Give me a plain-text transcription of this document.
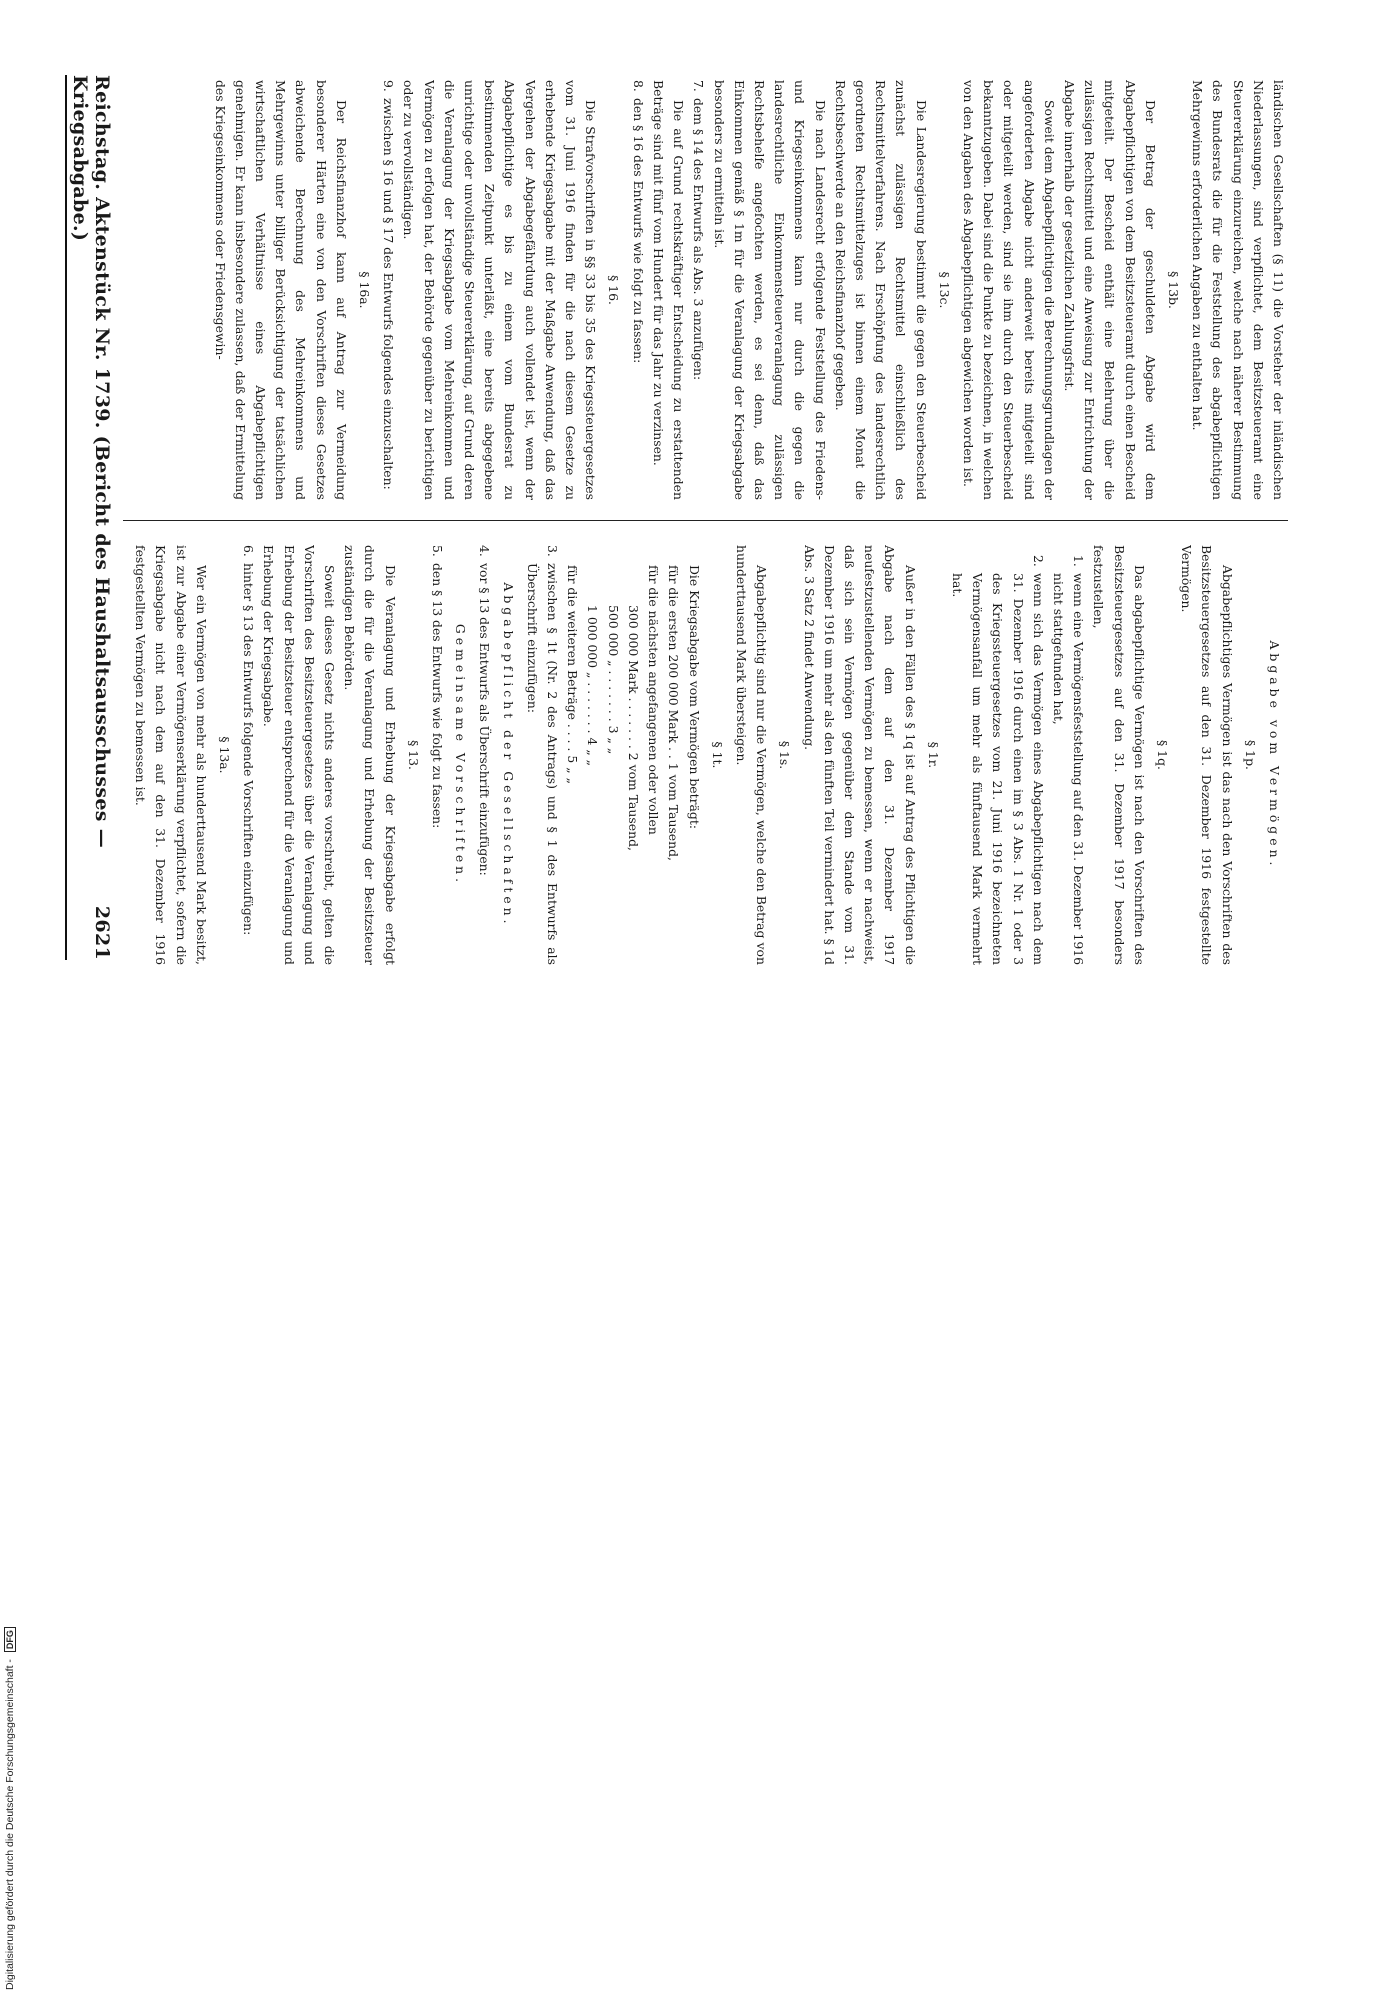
Reichstag. Aktenstück Nr. 1739. (Bericht des Haushaltsausschusses — Kriegsabgabe.)
2621
Abgabe vom Vermögen.
§ 1p.

Abgabepflichtiges Vermögen ist das nach den Vorschriften des Besitzsteuergesetzes auf den 31. Dezember 1916 festgestellte Vermögen.

§ 1q.

Das abgabepflichtige Vermögen ist nach den Vorschriften des Besitzsteuergesetzes auf den 31. Dezember 1917 besonders festzustellen,

1.wenn eine Vermögensfeststellung auf den 31. Dezember 1916 nicht stattgefunden hat,

2.wenn sich das Vermögen eines Abgabepflichtigen nach dem 31. Dezember 1916 durch einen im § 3 Abs. 1 Nr. 1 oder 3 des Kriegssteuergesetzes vom 21. Juni 1916 bezeichneten Vermögensanfall um mehr als fünftausend Mark vermehrt hat.

§ 1r.

Außer in den Fällen des § 1q ist auf Antrag des Pflichtigen die Abgabe nach dem auf den 31. Dezember 1917 neufestzustellenden Vermögen zu bemessen, wenn er nachweist, daß sich sein Vermögen gegenüber dem Stande vom 31. Dezember 1916 um mehr als den fünften Teil vermindert hat. § 1d Abs. 3 Satz 2 findet Anwendung.

§ 1s.

Abgabepflichtig sind nur die Vermögen, welche den Betrag von hunderttausend Mark übersteigen.

§ 1t.

Die Kriegsabgabe vom Vermögen beträgt:

für die ersten 200 000 Mark . . 1 vom Tausend,

für die nächsten angefangenen oder vollen

300 000 Mark . . . . . . . 2 vom Tausend,

500 000 „ . . . . . . . 3 „ „

1 000 000 „ . . . . . . . 4 „ „

für die weiteren Beträge . . . . 5 „ „

3.zwischen § 1t (Nr. 2 des Antrags) und § 1 des Entwurfs als Überschrift einzufügen:

Abgabepflicht der Gesellschaften.

4.vor § 13 des Entwurfs als Überschrift einzufügen:

Gemeinsame Vorschriften.

5.den § 13 des Entwurfs wie folgt zu fassen:

§ 13.

Die Veranlagung und Erhebung der Kriegsabgabe erfolgt durch die für die Veranlagung und Erhebung der Besitzsteuer zuständigen Behörden.

Soweit dieses Gesetz nichts anderes vorschreibt, gelten die Vorschriften des Besitzsteuergesetzes über die Veranlagung und Erhebung der Besitzsteuer entsprechend für die Veranlagung und Erhebung der Kriegsabgabe.

6.hinter § 13 des Entwurfs folgende Vorschriften einzufügen:

§ 13a.

Wer ein Vermögen von mehr als hunderttausend Mark besitzt, ist zur Abgabe einer Vermögenserklärung verpflichtet, sofern die Kriegsabgabe nicht nach dem auf den 31. Dezember 1916 festgestellten Vermögen zu bemessen ist.

ländischen Gesellschaften (§ 11) die Vorsteher der inländischen Niederlassungen, sind verpflichtet, dem Besitzsteueramt eine Steuererklärung einzureichen, welche nach näherer Bestimmung des Bundesrats die für die Feststellung des abgabepflichtigen Mehrgewinns erforderlichen Angaben zu enthalten hat.

§ 13b.

Der Betrag der geschuldeten Abgabe wird dem Abgabepflichtigen von dem Besitzsteueramt durch einen Bescheid mitgeteilt. Der Bescheid enthält eine Belehrung über die zulässigen Rechtsmittel und eine Anweisung zur Entrichtung der Abgabe innerhalb der gesetzlichen Zahlungsfrist.

Soweit dem Abgabepflichtigen die Berechnungsgrundlagen der angeforderten Abgabe nicht anderweit bereits mitgeteilt sind oder mitgeteilt werden, sind sie ihm durch den Steuerbescheid bekanntzugeben. Dabei sind die Punkte zu bezeichnen, in welchen von den Angaben des Abgabepflichtigen abgewichen worden ist.

§ 13c.

Die Landesregierung bestimmt die gegen den Steuerbescheid zunächst zulässigen Rechtsmittel einschließlich des Rechtsmittelverfahrens. Nach Erschöpfung des landesrechtlich geordneten Rechtsmittelzuges ist binnen einem Monat die Rechtsbeschwerde an den Reichsfinanzhof gegeben.

Die nach Landesrecht erfolgende Feststellung des Friedens- und Kriegseinkommens kann nur durch die gegen die landesrechtliche Einkommensteuerveranlagung zulässigen Rechtsbehelfe angefochten werden, es sei denn, daß das Einkommen gemäß § 1m für die Veranlagung der Kriegsabgabe besonders zu ermitteln ist.

7.dem § 14 des Entwurfs als Abs. 3 anzufügen:

Die auf Grund rechtskräftiger Entscheidung zu erstattenden Beträge sind mit fünf vom Hundert für das Jahr zu verzinsen.

8.den § 16 des Entwurfs wie folgt zu fassen:

§ 16.

Die Strafvorschriften in §§ 33 bis 35 des Kriegssteuergesetzes vom 31. Juni 1916 finden für die nach diesem Gesetze zu erhebende Kriegsabgabe mit der Maßgabe Anwendung, daß das Vergehen der Abgabegefährdung auch vollendet ist, wenn der Abgabepflichtige es bis zu einem vom Bundesrat zu bestimmenden Zeitpunkt unterläßt, eine bereits abgegebene unrichtige oder unvollständige Steuererklärung, auf Grund deren die Veranlagung der Kriegsabgabe vom Mehreinkommen und Vermögen zu erfolgen hat, der Behörde gegenüber zu berichtigen oder zu vervollständigen.

9.zwischen § 16 und § 17 des Entwurfs folgendes einzuschalten:

§ 16a.

Der Reichsfinanzhof kann auf Antrag zur Vermeidung besonderer Härten eine von den Vorschriften dieses Gesetzes abweichende Berechnung des Mehreinkommens und Mehrgewinns unter billiger Berücksichtigung der tatsächlichen wirtschaftlichen Verhältnisse eines Abgabepflichtigen genehmigen. Er kann insbesondere zulassen, daß der Ermittelung des Kriegseinkommens oder Friedensgewin-

Digitalisierung gefördert durch die Deutsche Forschungsgemeinschaft - DFG
